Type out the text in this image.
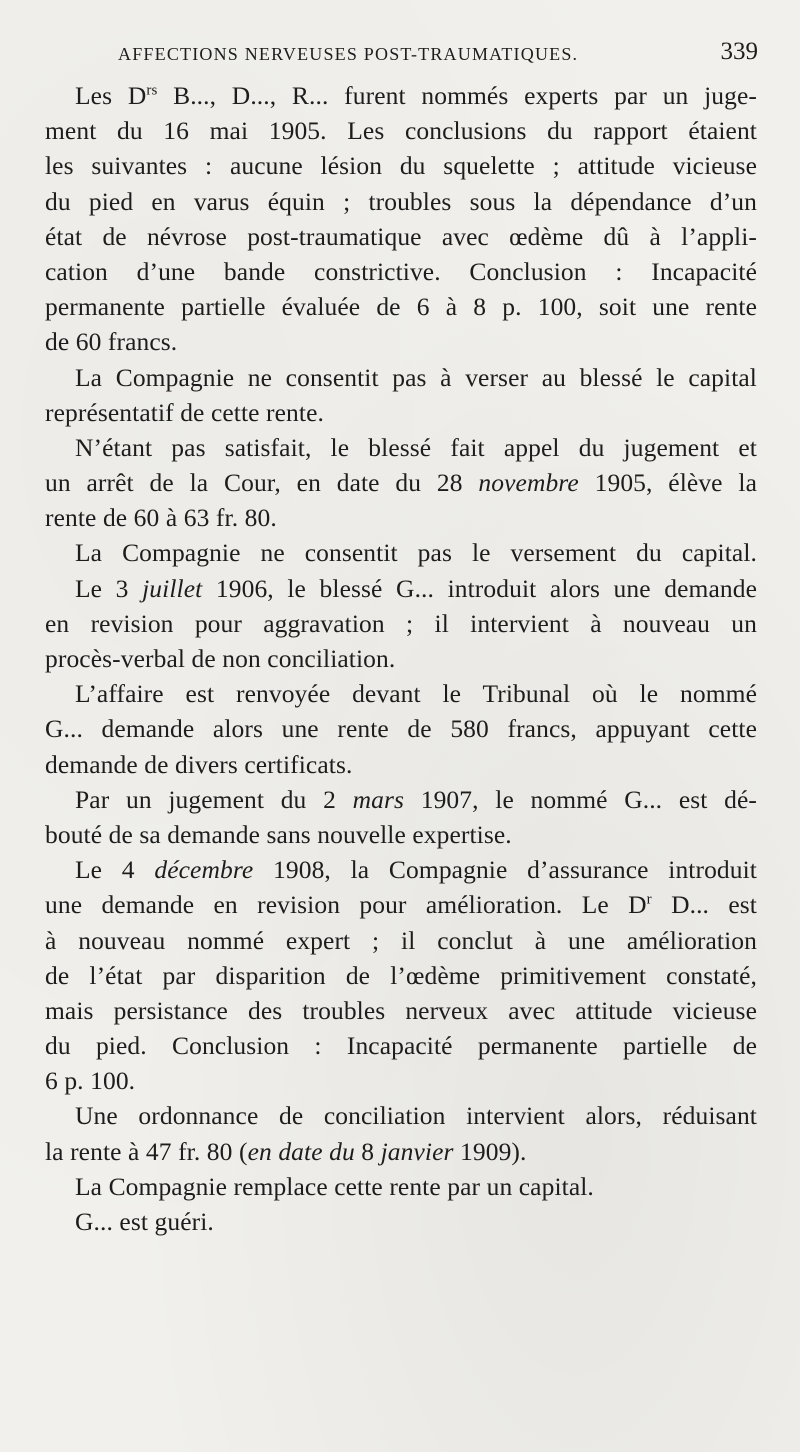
AFFECTIONS NERVEUSES POST-TRAUMATIQUES.	339
Les $D^{rs}$ B..., D..., R... furent nommés experts par un juge-
ment du 16 mai 1905. Les conclusions du rapport étaient
les suivantes : aucune lésion du squelette ; attitude vicieuse
du pied en varus équin ; troubles sous la dépendance d’un
état de névrose post-traumatique avec œdème dû à l’appli-
cation d’une bande constrictive. Conclusion : Incapacité
permanente partielle évaluée de 6 à 8 p. 100, soit une rente
de 60 francs.
La Compagnie ne consentit pas à verser au blessé le capital
représentatif de cette rente.
N’étant pas satisfait, le blessé fait appel du jugement et
un arrêt de la Cour, en date du 28 novembre 1905, élève la
rente de 60 à 63 fr. 80.
La Compagnie ne consentit pas le versement du capital.
Le 3 juillet 1906, le blessé G... introduit alors une demande
en revision pour aggravation ; il intervient à nouveau un
procès-verbal de non conciliation.
L’affaire est renvoyée devant le Tribunal où le nommé
G... demande alors une rente de 580 francs, appuyant cette
demande de divers certificats.
Par un jugement du 2 mars 1907, le nommé G... est dé-
bouté de sa demande sans nouvelle expertise.
Le 4 décembre 1908, la Compagnie d’assurance introduit
une demande en revision pour amélioration. Le $D^r$ D... est
à nouveau nommé expert ; il conclut à une amélioration
de l’état par disparition de l’œdème primitivement constaté,
mais persistance des troubles nerveux avec attitude vicieuse
du pied. Conclusion : Incapacité permanente partielle de
6 p. 100.
Une ordonnance de conciliation intervient alors, réduisant
la rente à 47 fr. 80 (en date du 8 janvier 1909).
La Compagnie remplace cette rente par un capital.
G... est guéri.
